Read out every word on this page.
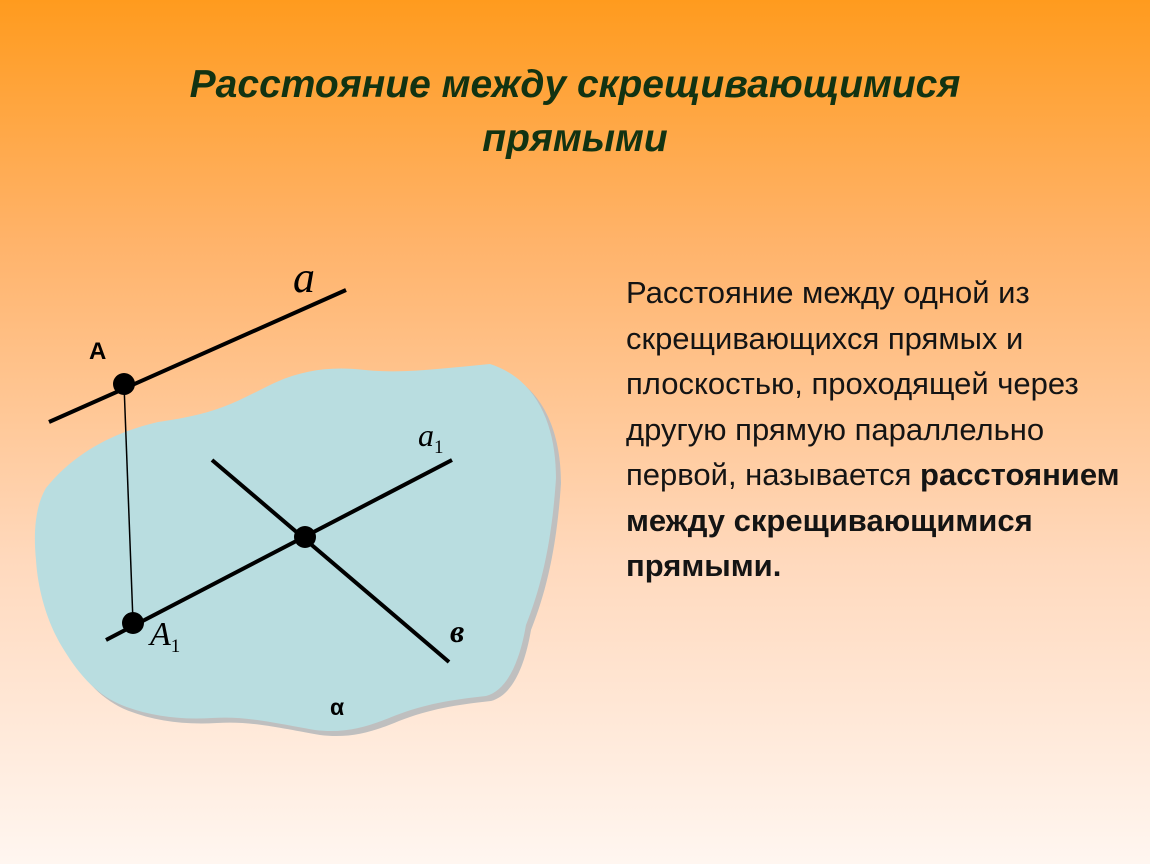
Расстояние между скрещивающимися
прямыми
a
A
$a_1$
$A_1$	в
α
Расстояние между одной из скрещивающихся прямых и плоскостью, проходящей через другую прямую параллельно первой, называется расстоянием между скрещивающимися прямыми.
